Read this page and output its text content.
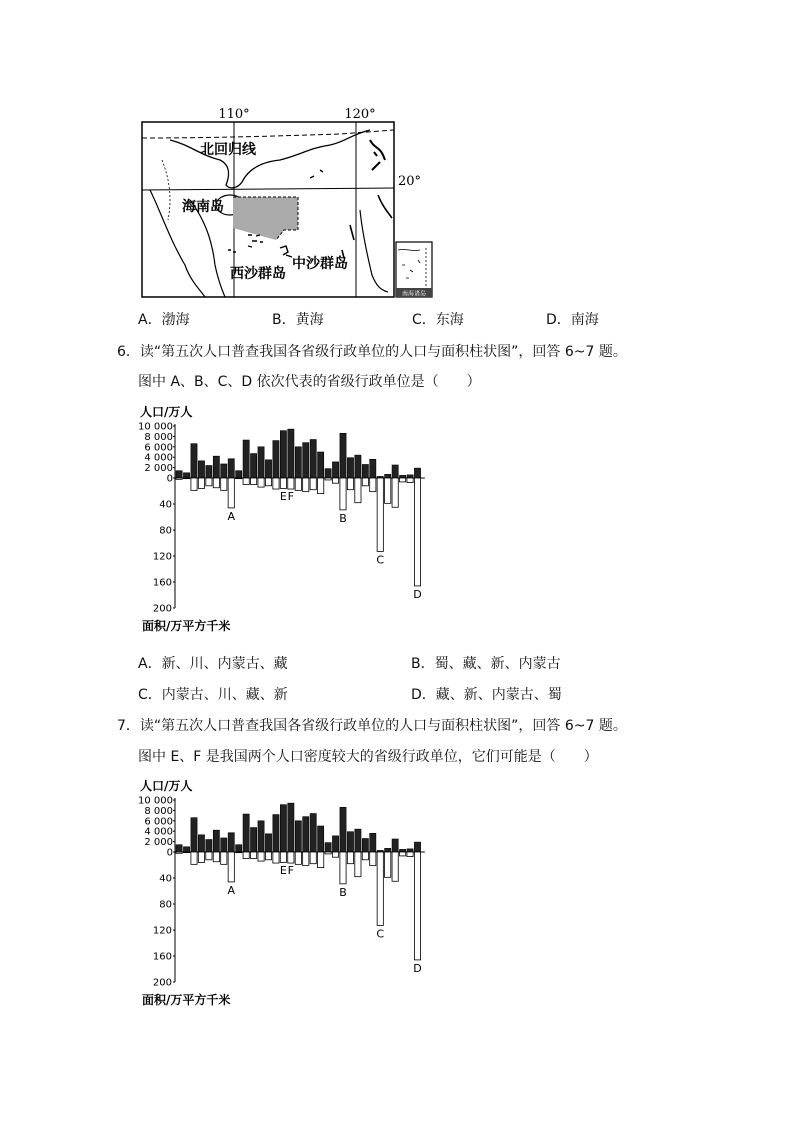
110°	120°
20°
南海诸岛
北回归线
海南岛
西沙群岛
中沙群岛
A．渤海	B．黄海	C．东海	D．南海
6．读“第五次人口普查我国各省级行政单位的人口与面积柱状图”，回答 6~7 题。
图中 A、B、C、D 依次代表的省级行政单位是（　　）
人口/万人
面积/万平方千米
10 000
8 000
6 000
4 000
2 000
0
40
80
120
160
200
A
E F
B
C
D
A．新、川、内蒙古、藏	B．蜀、藏、新、内蒙古
C．内蒙古、川、藏、新	D．藏、新、内蒙古、蜀
7．读“第五次人口普查我国各省级行政单位的人口与面积柱状图”，回答 6~7 题。
图中 E、F 是我国两个人口密度较大的省级行政单位，它们可能是（　　）
人口/万人
面积/万平方千米
10 000
8 000
6 000
4 000
2 000
0
40
80
120
160
200
A
E F
B
C
D
